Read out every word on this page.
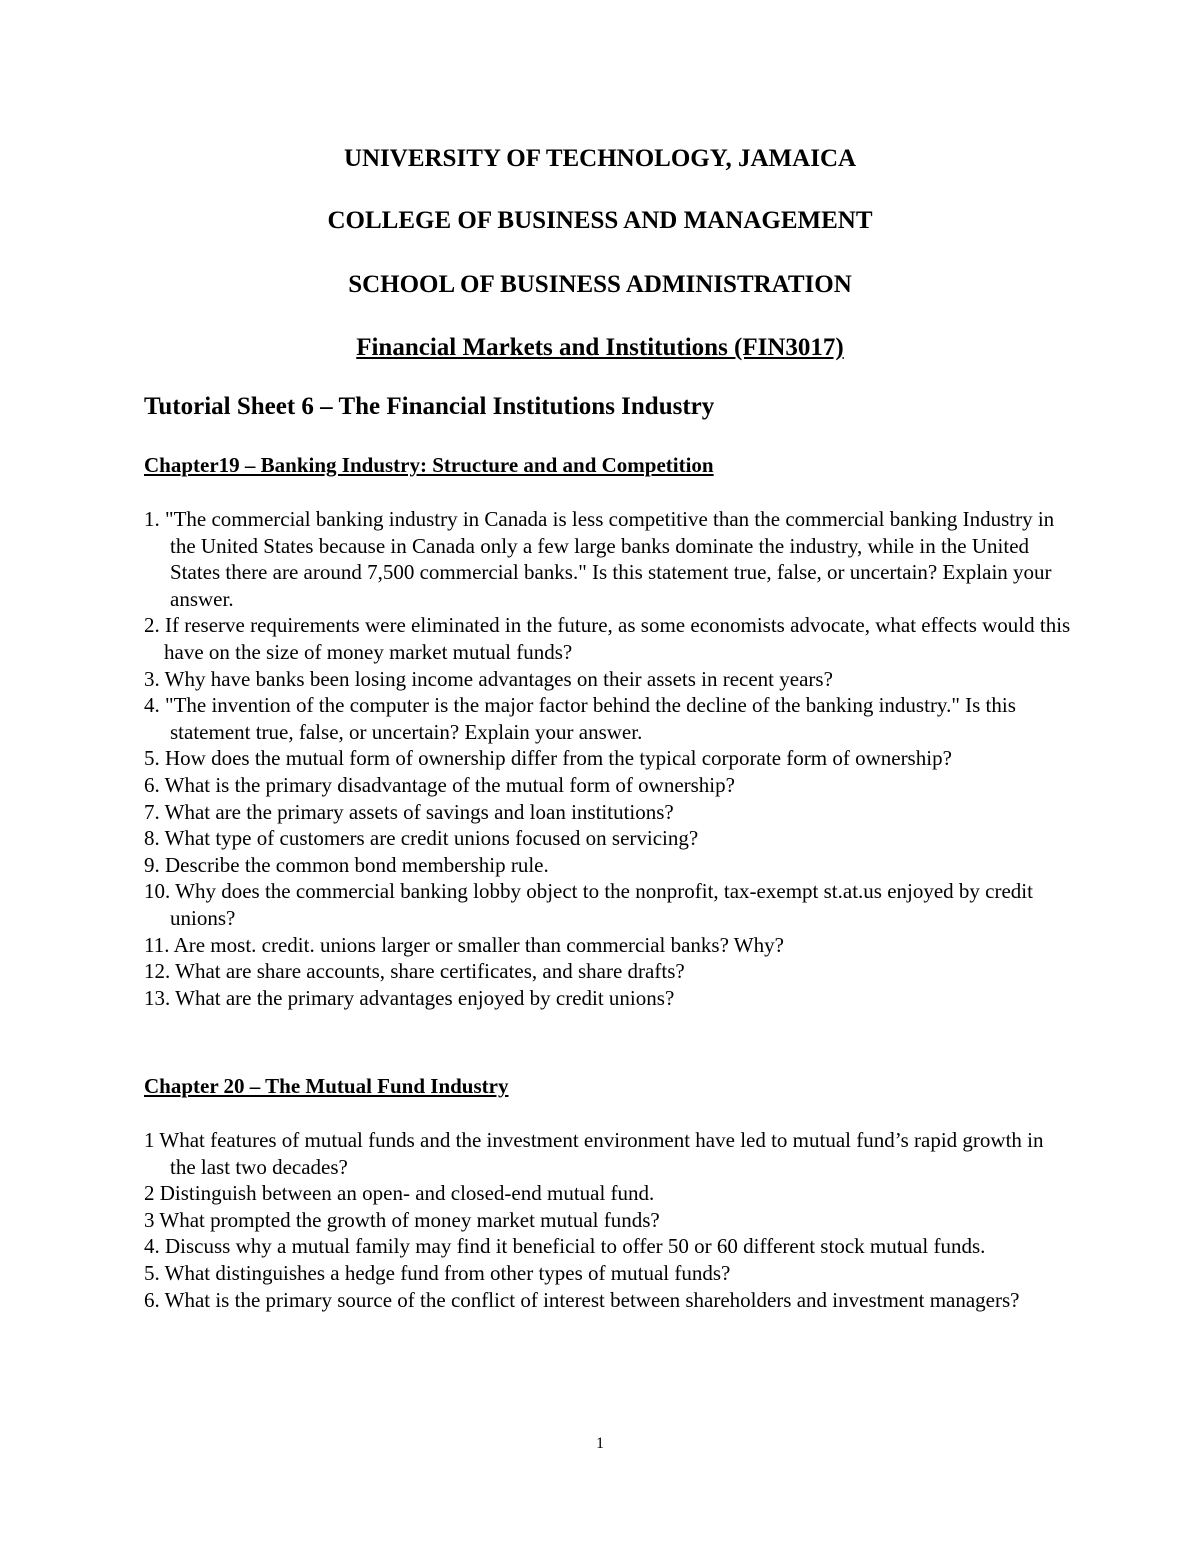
UNIVERSITY OF TECHNOLOGY, JAMAICA
COLLEGE OF BUSINESS AND MANAGEMENT
SCHOOL OF BUSINESS ADMINISTRATION
Financial Markets and Institutions (FIN3017)
Tutorial Sheet 6 – The Financial Institutions Industry
Chapter19 – Banking Industry: Structure and and Competition
1. "The commercial banking industry in Canada is less competitive than the commercial banking Industry in the United States because in Canada only a few large banks dominate the industry, while in the United States there are around 7,500 commercial banks." Is this statement true, false, or uncertain? Explain your answer.
2. If reserve requirements were eliminated in the future, as some economists advocate, what effects would this have on the size of money market mutual funds?
3. Why have banks been losing income advantages on their assets in recent years?
4. "The invention of the computer is the major factor behind the decline of the banking industry." Is this statement true, false, or uncertain? Explain your answer.
5. How does the mutual form of ownership differ from the typical corporate form of ownership?
6. What is the primary disadvantage of the mutual form of ownership?
7. What are the primary assets of savings and loan institutions?
8. What type of customers are credit unions focused on servicing?
9. Describe the common bond membership rule.
10. Why does the commercial banking lobby object to the nonprofit, tax-exempt st.at.us enjoyed by credit unions?
11. Are most. credit. unions larger or smaller than commercial banks? Why?
12. What are share accounts, share certificates, and share drafts?
13. What are the primary advantages enjoyed by credit unions?
Chapter 20 – The Mutual Fund Industry
1 What features of mutual funds and the investment environment have led to mutual fund’s rapid growth in the last two decades?
2 Distinguish between an open- and closed-end mutual fund.
3 What prompted the growth of money market mutual funds?
4. Discuss why a mutual family may find it beneficial to offer 50 or 60 different stock mutual funds.
5. What distinguishes a hedge fund from other types of mutual funds?
6. What is the primary source of the conflict of interest between shareholders and investment managers?
1
